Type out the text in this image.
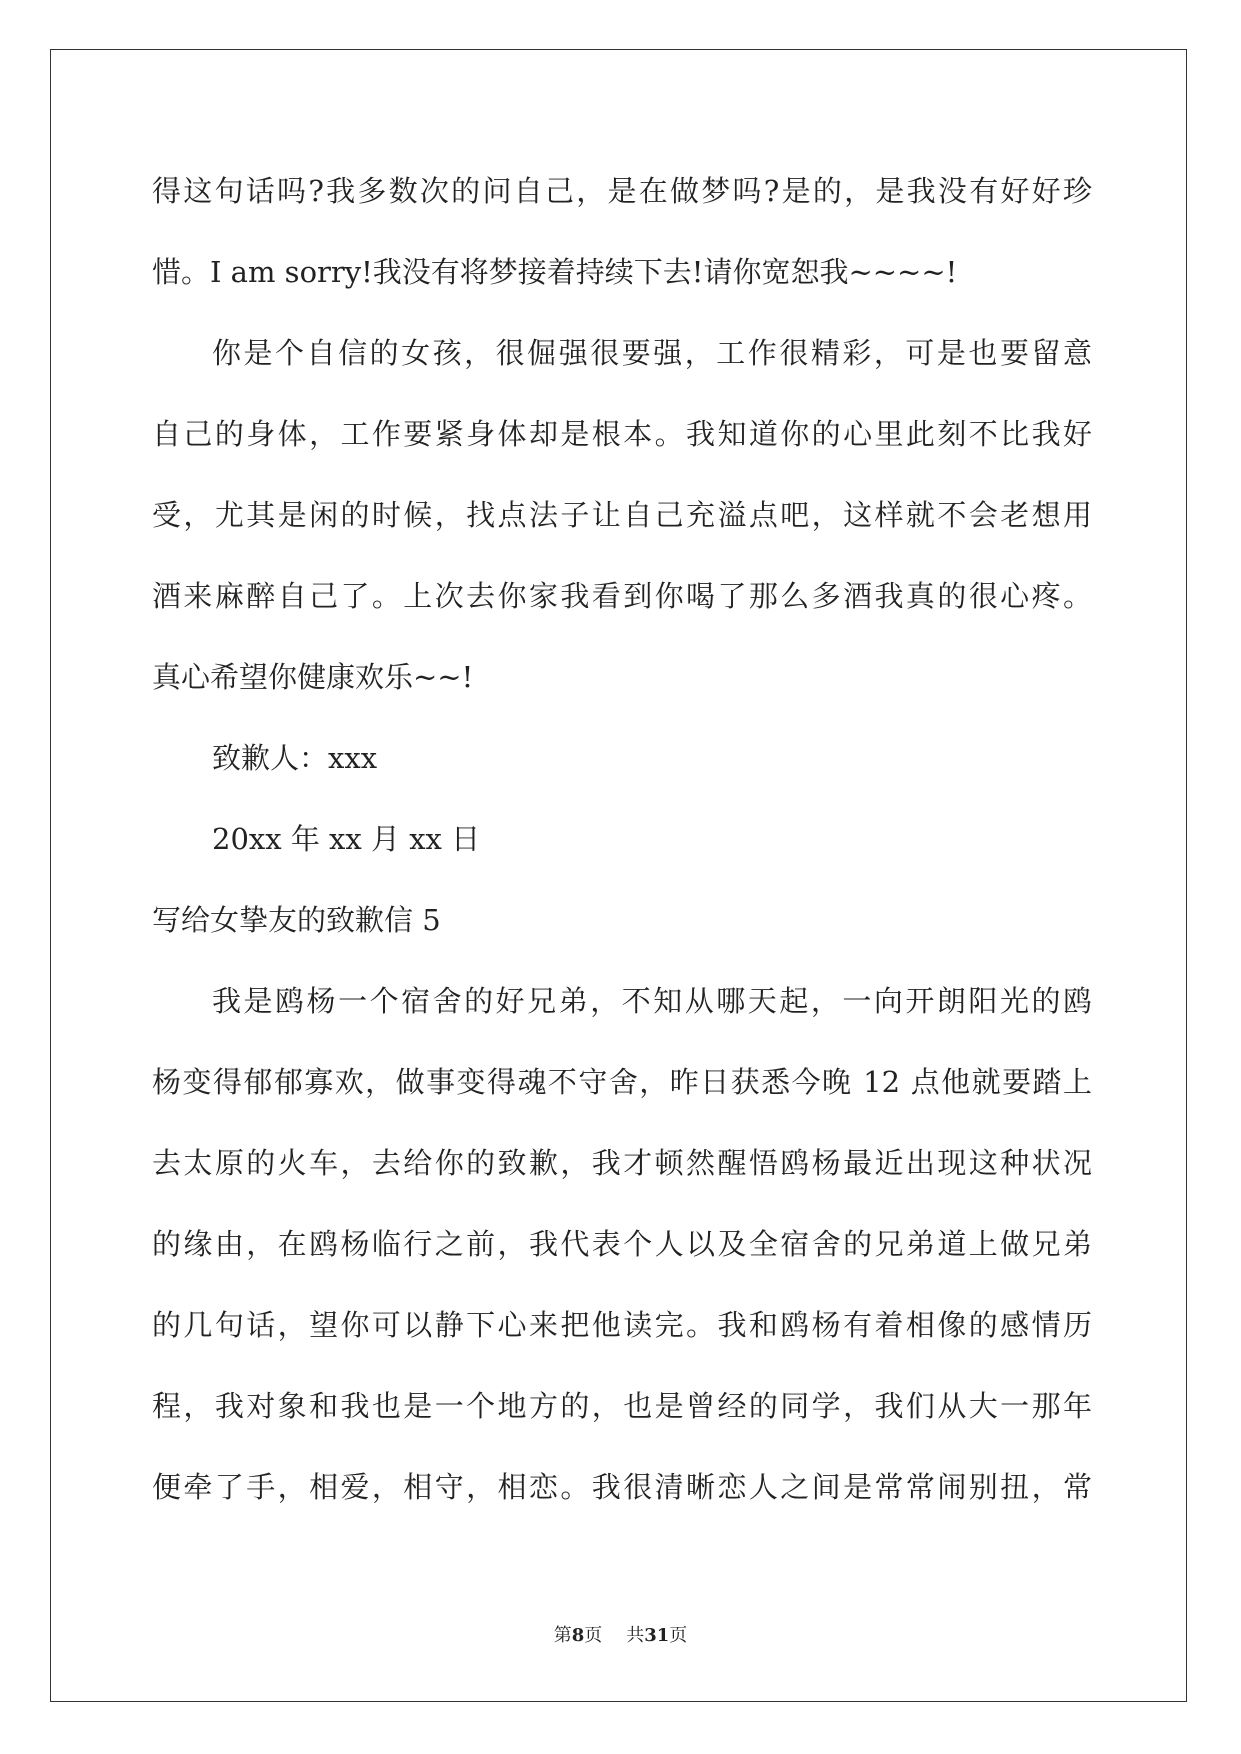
得这句话吗?我多数次的问自己，是在做梦吗?是的，是我没有好好珍
惜。I am sorry!我没有将梦接着持续下去!请你宽恕我~~~~!
你是个自信的女孩，很倔强很要强，工作很精彩，可是也要留意
自己的身体，工作要紧身体却是根本。我知道你的心里此刻不比我好
受，尤其是闲的时候，找点法子让自己充溢点吧，这样就不会老想用
酒来麻醉自己了。上次去你家我看到你喝了那么多酒我真的很心疼。
真心希望你健康欢乐~~!
致歉人：xxx
20xx 年 xx 月 xx 日
写给女挚友的致歉信 5
我是鸥杨一个宿舍的好兄弟，不知从哪天起，一向开朗阳光的鸥
杨变得郁郁寡欢，做事变得魂不守舍，昨日获悉今晚 12 点他就要踏上
去太原的火车，去给你的致歉，我才顿然醒悟鸥杨最近出现这种状况
的缘由，在鸥杨临行之前，我代表个人以及全宿舍的兄弟道上做兄弟
的几句话，望你可以静下心来把他读完。我和鸥杨有着相像的感情历
程，我对象和我也是一个地方的，也是曾经的同学，我们从大一那年
便牵了手，相爱，相守，相恋。我很清晰恋人之间是常常闹别扭，常
第8页 共31页
